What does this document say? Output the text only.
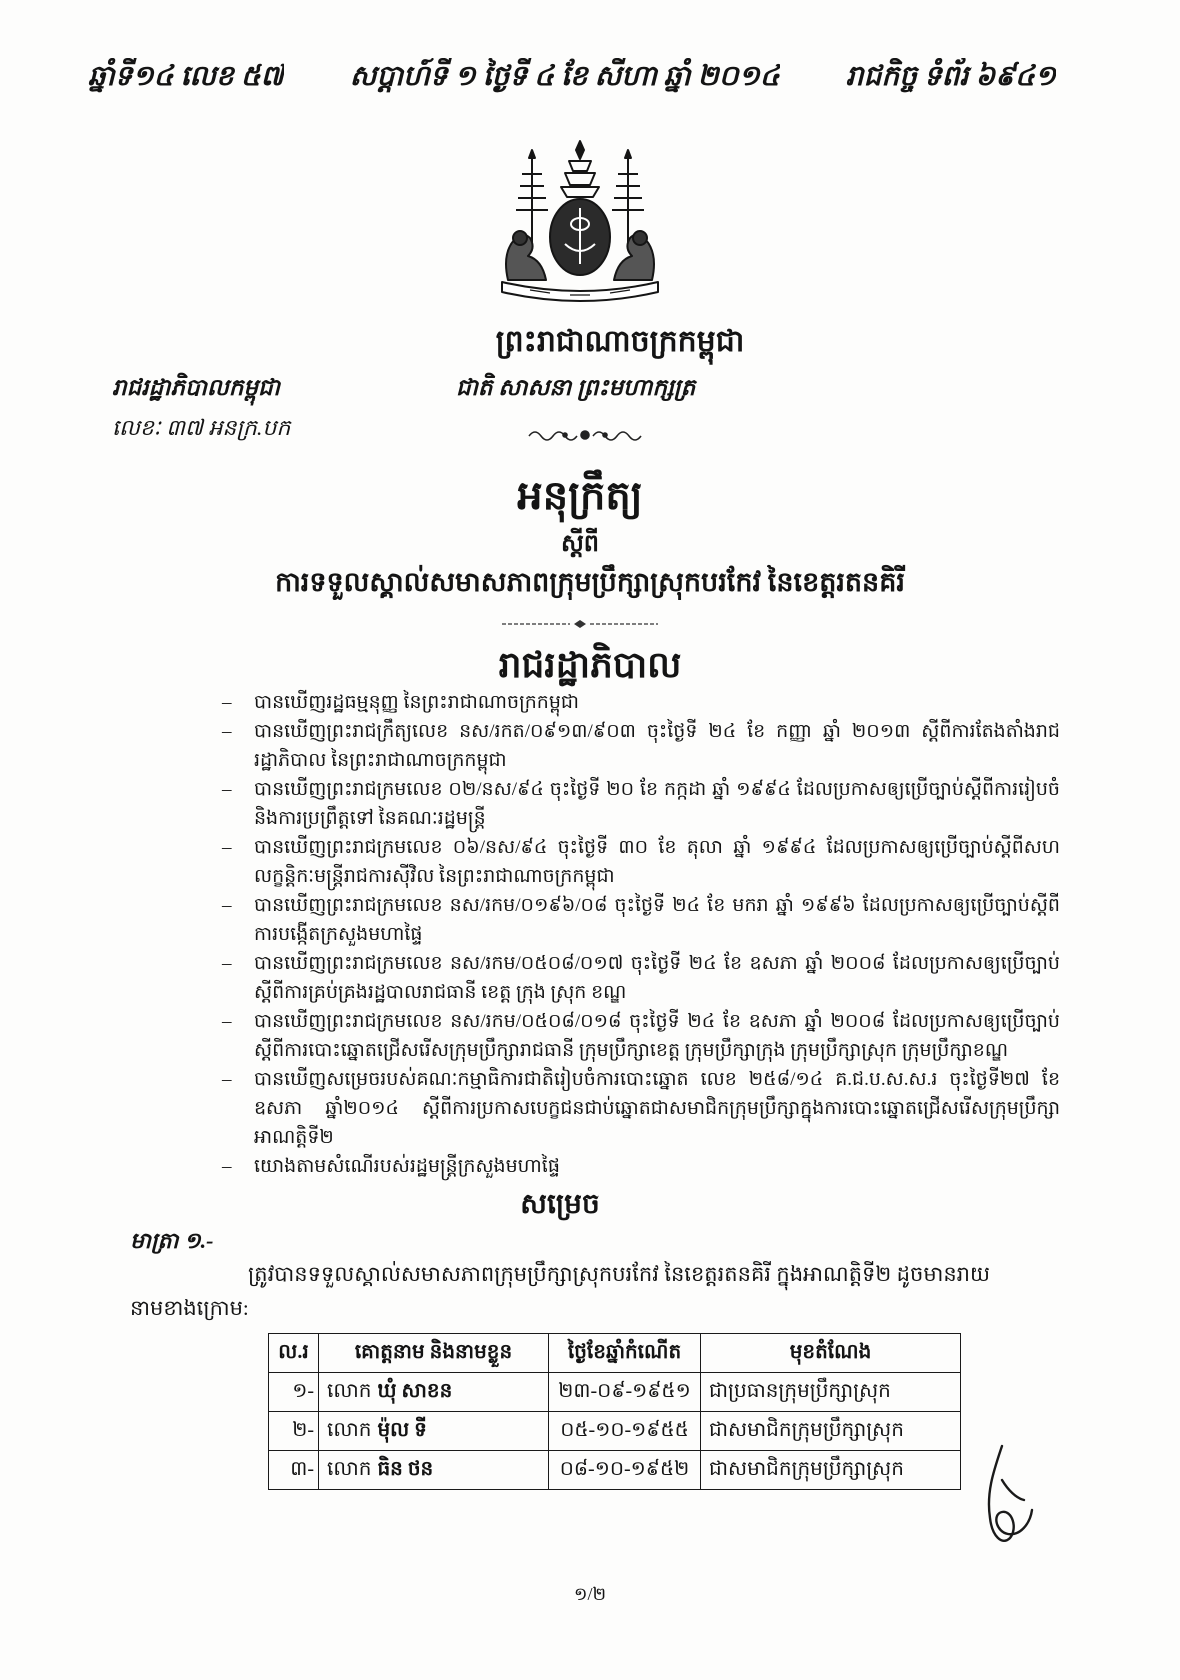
ឆ្នាំទី១៤ លេខ ៥៧ សប្តាហ៍ទី ១ ថ្ងៃទី ៤ ខែ សីហា ឆ្នាំ ២០១៤ រាជកិច្ច ទំព័រ ៦៩៤១
ព្រះរាជាណាចក្រកម្ពុជា
រាជរដ្ឋាភិបាលកម្ពុជា	ជាតិ សាសនា ព្រះមហាក្សត្រ
លេខៈ ៣៧ អនក្រ.បក
អនុក្រឹត្យ
ស្តីពី
ការទទួលស្គាល់សមាសភាពក្រុមប្រឹក្សាស្រុកបរកែវ នៃខេត្តរតនគិរី
រាជរដ្ឋាភិបាល
– បានឃើញរដ្ឋធម្មនុញ្ញ នៃព្រះរាជាណាចក្រកម្ពុជា
– បានឃើញព្រះរាជក្រឹត្យលេខ នស/រកត/០៩១៣/៩០៣ ចុះថ្ងៃទី ២៤ ខែ កញ្ញា ឆ្នាំ ២០១៣ ស្តីពីការតែងតាំងរាជរដ្ឋាភិបាល នៃព្រះរាជាណាចក្រកម្ពុជា
– បានឃើញព្រះរាជក្រមលេខ ០២/នស/៩៤ ចុះថ្ងៃទី ២០ ខែ កក្កដា ឆ្នាំ ១៩៩៤ ដែលប្រកាសឲ្យប្រើច្បាប់ស្តីពីការរៀបចំ និងការប្រព្រឹត្តទៅ នៃគណៈរដ្ឋមន្ត្រី
– បានឃើញព្រះរាជក្រមលេខ ០៦/នស/៩៤ ចុះថ្ងៃទី ៣០ ខែ តុលា ឆ្នាំ ១៩៩៤ ដែលប្រកាសឲ្យប្រើច្បាប់ស្តីពីសហលក្ខន្តិកៈមន្ត្រីរាជការស៊ីវិល នៃព្រះរាជាណាចក្រកម្ពុជា
– បានឃើញព្រះរាជក្រមលេខ នស/រកម/០១៩៦/០៨ ចុះថ្ងៃទី ២៤ ខែ មករា ឆ្នាំ ១៩៩៦ ដែលប្រកាសឲ្យប្រើច្បាប់ស្តីពីការបង្កើតក្រសួងមហាផ្ទៃ
– បានឃើញព្រះរាជក្រមលេខ នស/រកម/០៥០៨/០១៧ ចុះថ្ងៃទី ២៤ ខែ ឧសភា ឆ្នាំ ២០០៨ ដែលប្រកាសឲ្យប្រើច្បាប់ស្តីពីការគ្រប់គ្រងរដ្ឋបាលរាជធានី ខេត្ត ក្រុង ស្រុក ខណ្ឌ
– បានឃើញព្រះរាជក្រមលេខ នស/រកម/០៥០៨/០១៨ ចុះថ្ងៃទី ២៤ ខែ ឧសភា ឆ្នាំ ២០០៨ ដែលប្រកាសឲ្យប្រើច្បាប់ស្តីពីការបោះឆ្នោតជ្រើសរើសក្រុមប្រឹក្សារាជធានី ក្រុមប្រឹក្សាខេត្ត ក្រុមប្រឹក្សាក្រុង ក្រុមប្រឹក្សាស្រុក ក្រុមប្រឹក្សាខណ្ឌ
– បានឃើញសម្រេចរបស់គណៈកម្មាធិការជាតិរៀបចំការបោះឆ្នោត លេខ ២៥៨/១៤ គ.ជ.ប.ស.ស.រ ចុះថ្ងៃទី២៧ ខែឧសភា ឆ្នាំ២០១៤ ស្តីពីការប្រកាសបេក្ខជនជាប់ឆ្នោតជាសមាជិកក្រុមប្រឹក្សាក្នុងការបោះឆ្នោតជ្រើសរើសក្រុមប្រឹក្សាអាណត្តិទី២
– យោងតាមសំណើរបស់រដ្ឋមន្ត្រីក្រសួងមហាផ្ទៃ
សម្រេច
មាត្រា ១.-
ត្រូវបានទទួលស្គាល់សមាសភាពក្រុមប្រឹក្សាស្រុកបរកែវ នៃខេត្តរតនគិរី ក្នុងអាណត្តិទី២ ដូចមានរាយនាមខាងក្រោម:
ល.រ	គោត្តនាម និងនាមខ្លួន	ថ្ងៃខែឆ្នាំកំណើត	មុខតំណែង
១-	លោក ឃុំ សាខន	២៣-០៩-១៩៥១	ជាប្រធានក្រុមប្រឹក្សាស្រុក
២-	លោក ម៉ុល ទី	០៥-១០-១៩៥៥	ជាសមាជិកក្រុមប្រឹក្សាស្រុក
៣-	លោក ធិន ថន	០៨-១០-១៩៥២	ជាសមាជិកក្រុមប្រឹក្សាស្រុក
១/២
